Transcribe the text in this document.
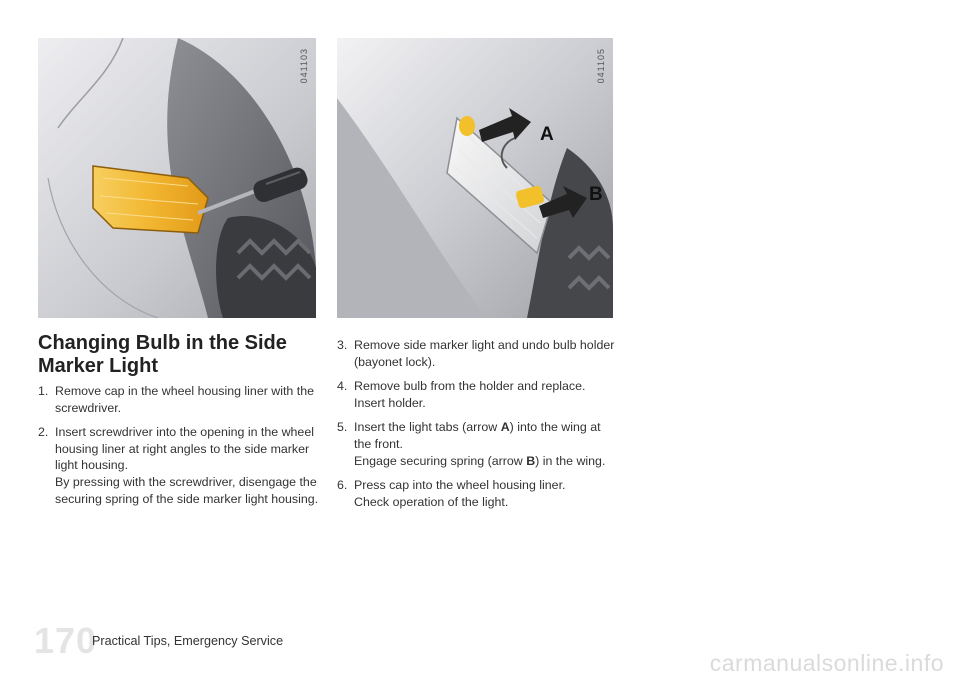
041103
A
B
041105
Changing Bulb in the Side Marker Light
1. Remove cap in the wheel housing liner with the screwdriver.
2. Insert screwdriver into the opening in the wheel housing liner at right angles to the side marker light housing.
By pressing with the screwdriver, disengage the securing spring of the side marker light housing.
3. Remove side marker light and undo bulb holder (bayonet lock).
4. Remove bulb from the holder and replace.
Insert holder.
5. Insert the light tabs (arrow A) into the wing at the front.
Engage securing spring (arrow B) in the wing.
6. Press cap into the wheel housing liner.
Check operation of the light.
170
Practical Tips, Emergency Service
carmanualsonline.info
